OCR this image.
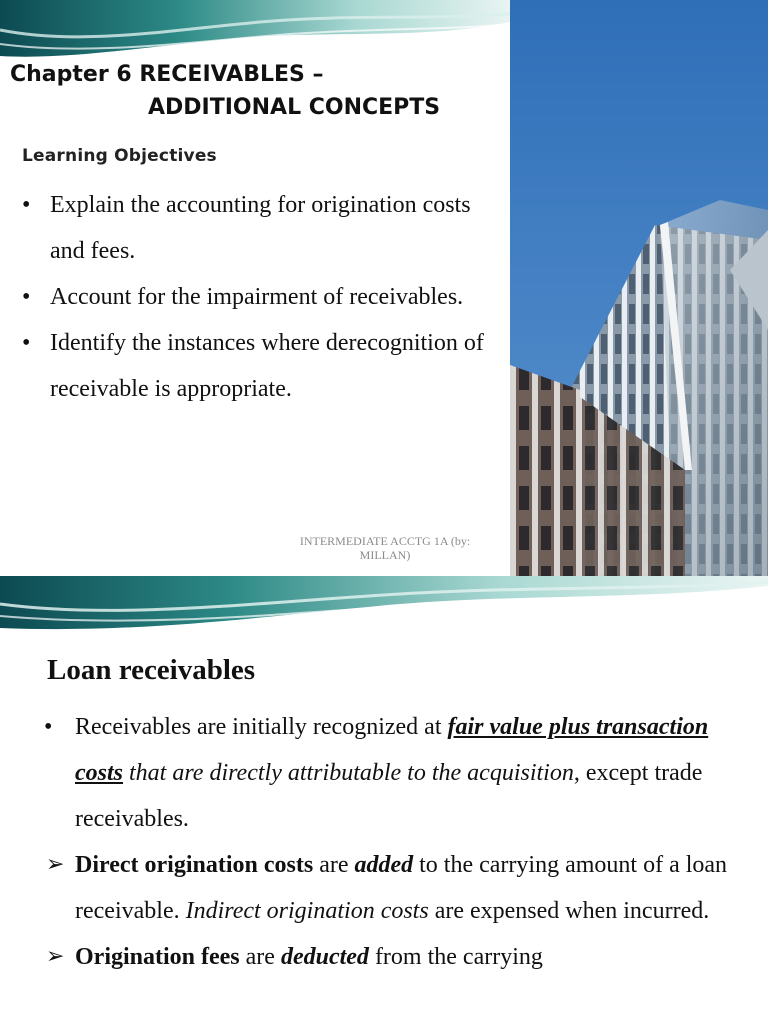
Chapter 6 RECEIVABLES –
ADDITIONAL CONCEPTS
Learning Objectives
• Explain the accounting for origination costs and fees.
• Account for the impairment of receivables.
• Identify the instances where derecognition of receivable is appropriate.
INTERMEDIATE ACCTG 1A (by: MILLAN)
Loan receivables
• Receivables are initially recognized at fair value plus transaction costs that are directly attributable to the acquisition, except trade receivables.
➢ Direct origination costs are added to the carrying amount of a loan receivable. Indirect origination costs are expensed when incurred.
➢ Origination fees are deducted from the carrying
